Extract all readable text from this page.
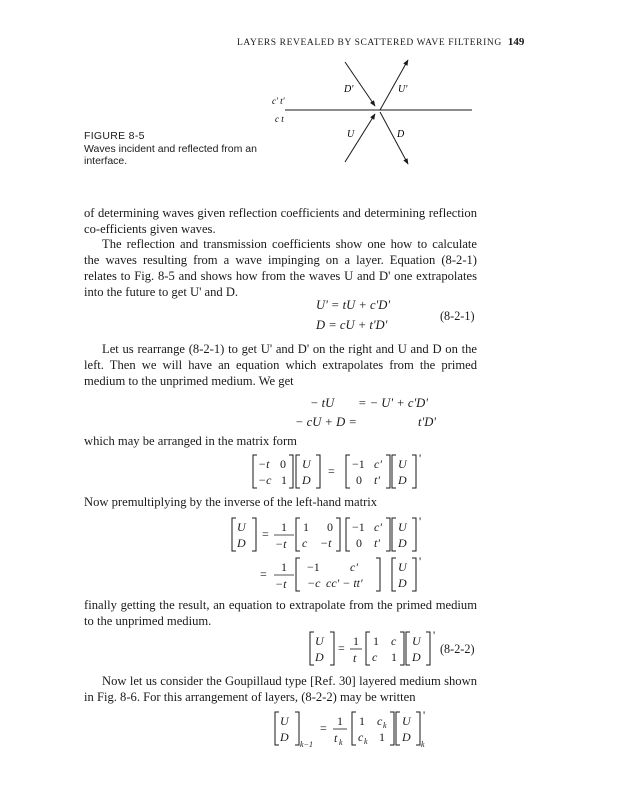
LAYERS REVEALED BY SCATTERED WAVE FILTERING 149
D'	U'
c' t'
c t
U	D
FIGURE 8-5
Waves incident and reflected from an interface.
of determining waves given reflection coefficients and determining reflection co-efficients given waves.
The reflection and transmission coefficients show one how to calculate the waves resulting from a wave impinging on a layer. Equation (8-2-1) relates to Fig. 8-5 and shows how from the waves U and D' one extrapolates into the future to get U' and D.
U' = tU + c'D'
D = cU + t'D'
(8-2-1)
Let us rearrange (8-2-1) to get U' and D' on the right and U and D on the left. Then we will have an equation which extrapolates from the primed medium to the unprimed medium. We get
− tU = − U' + c'D'
− cU + D =	t'D'
which may be arranged in the matrix form
−t 0
−c 1
U
D
= −1 c'
0 t'
U
D
'
Now premultiplying by the inverse of the left-hand matrix
U
D
= 1
−t
1 0
c −t
−1 c'
0 t'
U
D
'
= 1
−t
−1	c'
−c cc' − tt'
U
D
'
finally getting the result, an equation to extrapolate from the primed medium to the unprimed medium.
U
D
= 1
t
1 c
c 1
U
D
'
(8-2-2)
Now let us consider the Goupillaud type [Ref. 30] layered medium shown in Fig. 8-6. For this arrangement of layers, (8-2-2) may be written
U
D
k−1
= 1
t k
1 c k
c k 1
U
D
'
k
